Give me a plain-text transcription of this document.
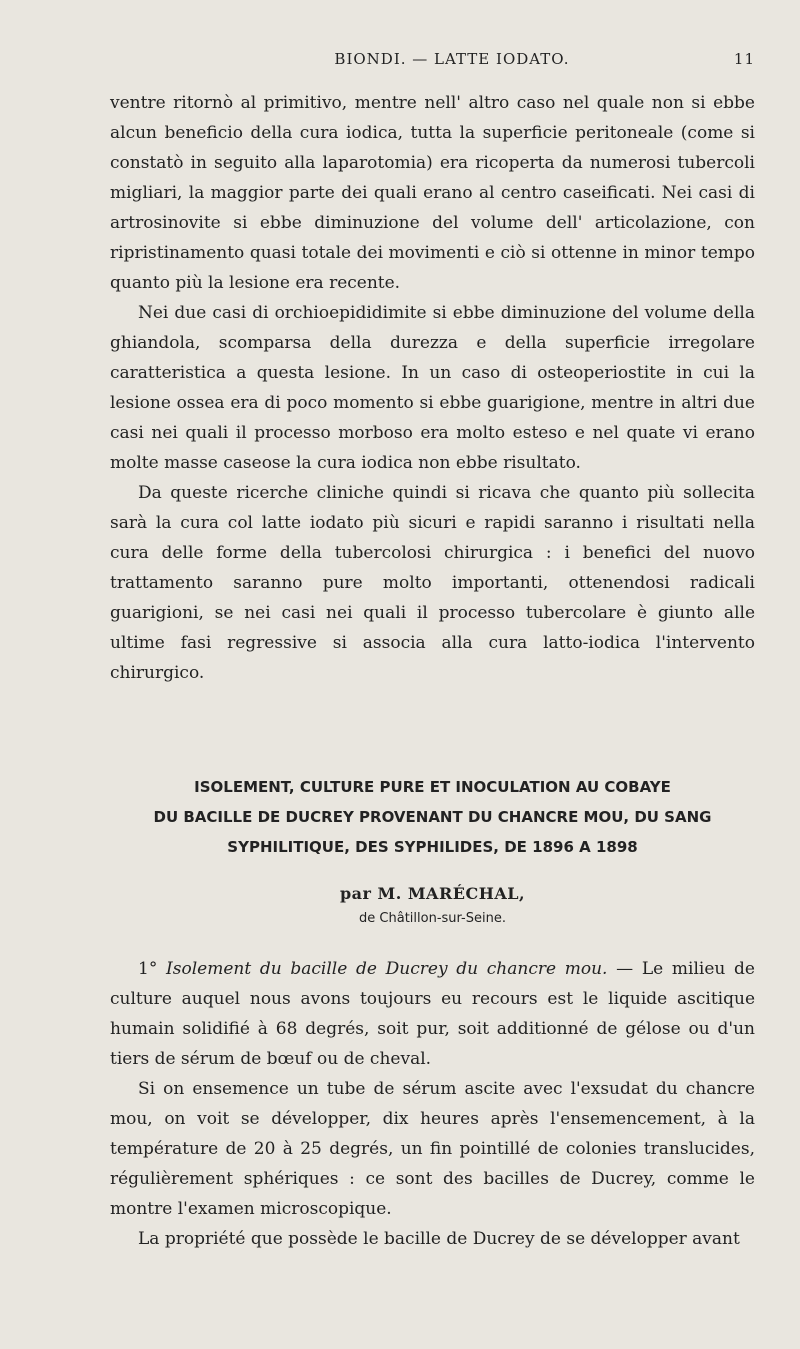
BIONDI. — LATTE IODATO.	11

ventre ritornò al primitivo, mentre nell' altro caso nel quale non si ebbe alcun beneficio della cura iodica, tutta la superficie peritoneale (come si constatò in seguito alla laparotomia) era ricoperta da numerosi tubercoli migliari, la maggior parte dei quali erano al centro caseificati. Nei casi di artrosinovite si ebbe diminuzione del volume dell' articolazione, con ripristinamento quasi totale dei movimenti e ciò si ottenne in minor tempo quanto più la lesione era recente.

Nei due casi di orchioepididimite si ebbe diminuzione del volume della ghiandola, scomparsa della durezza e della superficie irregolare caratteristica a questa lesione. In un caso di osteoperiostite in cui la lesione ossea era di poco momento si ebbe guarigione, mentre in altri due casi nei quali il processo morboso era molto esteso e nel quate vi erano molte masse caseose la cura iodica non ebbe risultato.

Da queste ricerche cliniche quindi si ricava che quanto più sollecita sarà la cura col latte iodato più sicuri e rapidi saranno i risultati nella cura delle forme della tubercolosi chirurgica : i benefici del nuovo trattamento saranno pure molto importanti, ottenendosi radicali guarigioni, se nei casi nei quali il processo tubercolare è giunto alle ultime fasi regressive si associa alla cura latto-iodica l'intervento chirurgico.

ISOLEMENT, CULTURE PURE ET INOCULATION AU COBAYE
DU BACILLE DE DUCREY PROVENANT DU CHANCRE MOU, DU SANG
SYPHILITIQUE, DES SYPHILIDES, DE 1896 A 1898
par M. MARÉCHAL,
de Châtillon-sur-Seine.

1° Isolement du bacille de Ducrey du chancre mou. — Le milieu de culture auquel nous avons toujours eu recours est le liquide ascitique humain solidifié à 68 degrés, soit pur, soit additionné de gélose ou d'un tiers de sérum de bœuf ou de cheval.

Si on ensemence un tube de sérum ascite avec l'exsudat du chancre mou, on voit se développer, dix heures après l'ensemencement, à la température de 20 à 25 degrés, un fin pointillé de colonies translucides, régulièrement sphériques : ce sont des bacilles de Ducrey, comme le montre l'examen microscopique.

La propriété que possède le bacille de Ducrey de se développer avant
